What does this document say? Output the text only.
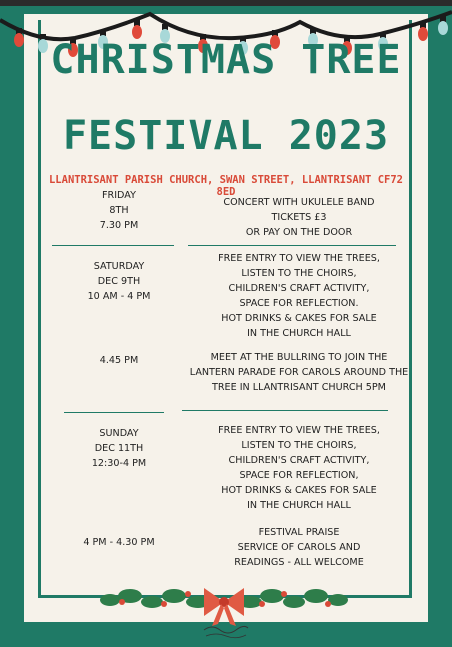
CHRISTMAS TREE
FESTIVAL 2023
LLANTRISANT PARISH CHURCH, SWAN STREET, LLANTRISANT CF72 8ED
FRIDAY
8TH
7.30 PM
CONCERT WITH UKULELE BAND
TICKETS £3
OR PAY ON THE DOOR
SATURDAY
DEC 9TH
10 AM - 4 PM
FREE ENTRY TO VIEW THE TREES,
LISTEN TO THE CHOIRS,
CHILDREN'S CRAFT ACTIVITY,
SPACE FOR REFLECTION.
HOT DRINKS & CAKES FOR SALE
IN THE CHURCH HALL
4.45 PM	MEET AT THE BULLRING TO JOIN THE
LANTERN PARADE FOR CAROLS AROUND THE
TREE IN LLANTRISANT CHURCH 5PM
SUNDAY
DEC 11TH
12:30-4 PM
FREE ENTRY TO VIEW THE TREES,
LISTEN TO THE CHOIRS,
CHILDREN'S CRAFT ACTIVITY,
SPACE FOR REFLECTION,
HOT DRINKS & CAKES FOR SALE
IN THE CHURCH HALL
4 PM - 4.30 PM
FESTIVAL PRAISE
SERVICE OF CAROLS AND
READINGS - ALL WELCOME
